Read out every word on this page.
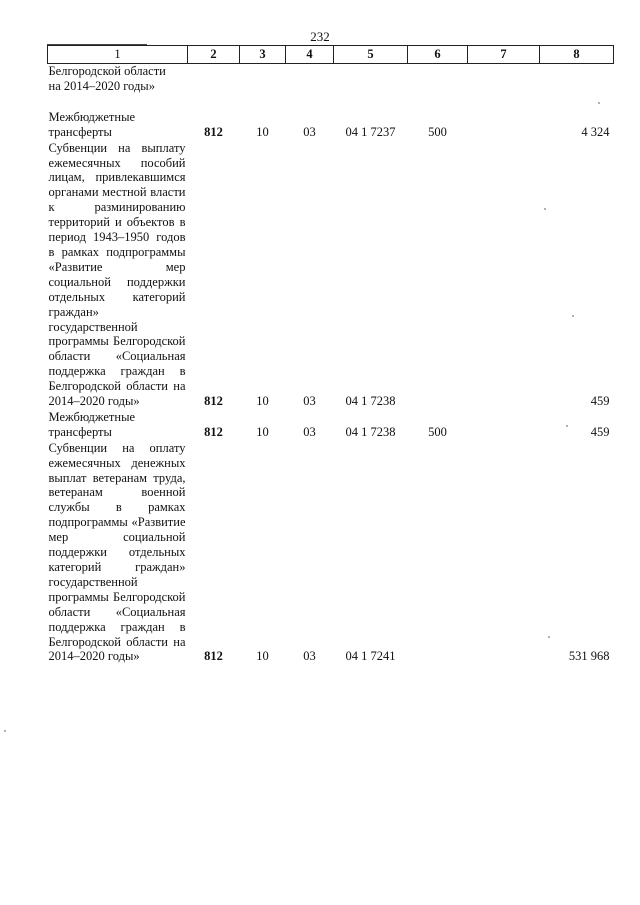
232
1	2	3	4	5	6	7	8
Белгородской области
на 2014–2020 годы»							

Межбюджетные
трансферты	812	10	03	04 1 7237	500		4 324
Субвенции на выплату ежемесячных пособий лицам, привлекавшимся органами местной власти к разминированию территорий и объектов в период 1943–1950 годов в рамках подпрограммы «Развитие мер социальной поддержки отдельных категорий граждан» государственной программы Белгородской области «Социальная поддержка граждан в Белгородской области на 2014–2020 годы»	812	10	03	04 1 7238			459
Межбюджетные
трансферты	812	10	03	04 1 7238	500		459
Субвенции на оплату ежемесячных денежных выплат ветеранам труда, ветеранам военной службы в рамках подпрограммы «Развитие мер социальной поддержки отдельных категорий граждан» государственной программы Белгородской области «Социальная поддержка граждан в Белгородской области на 2014–2020 годы»	812	10	03	04 1 7241			531 968
